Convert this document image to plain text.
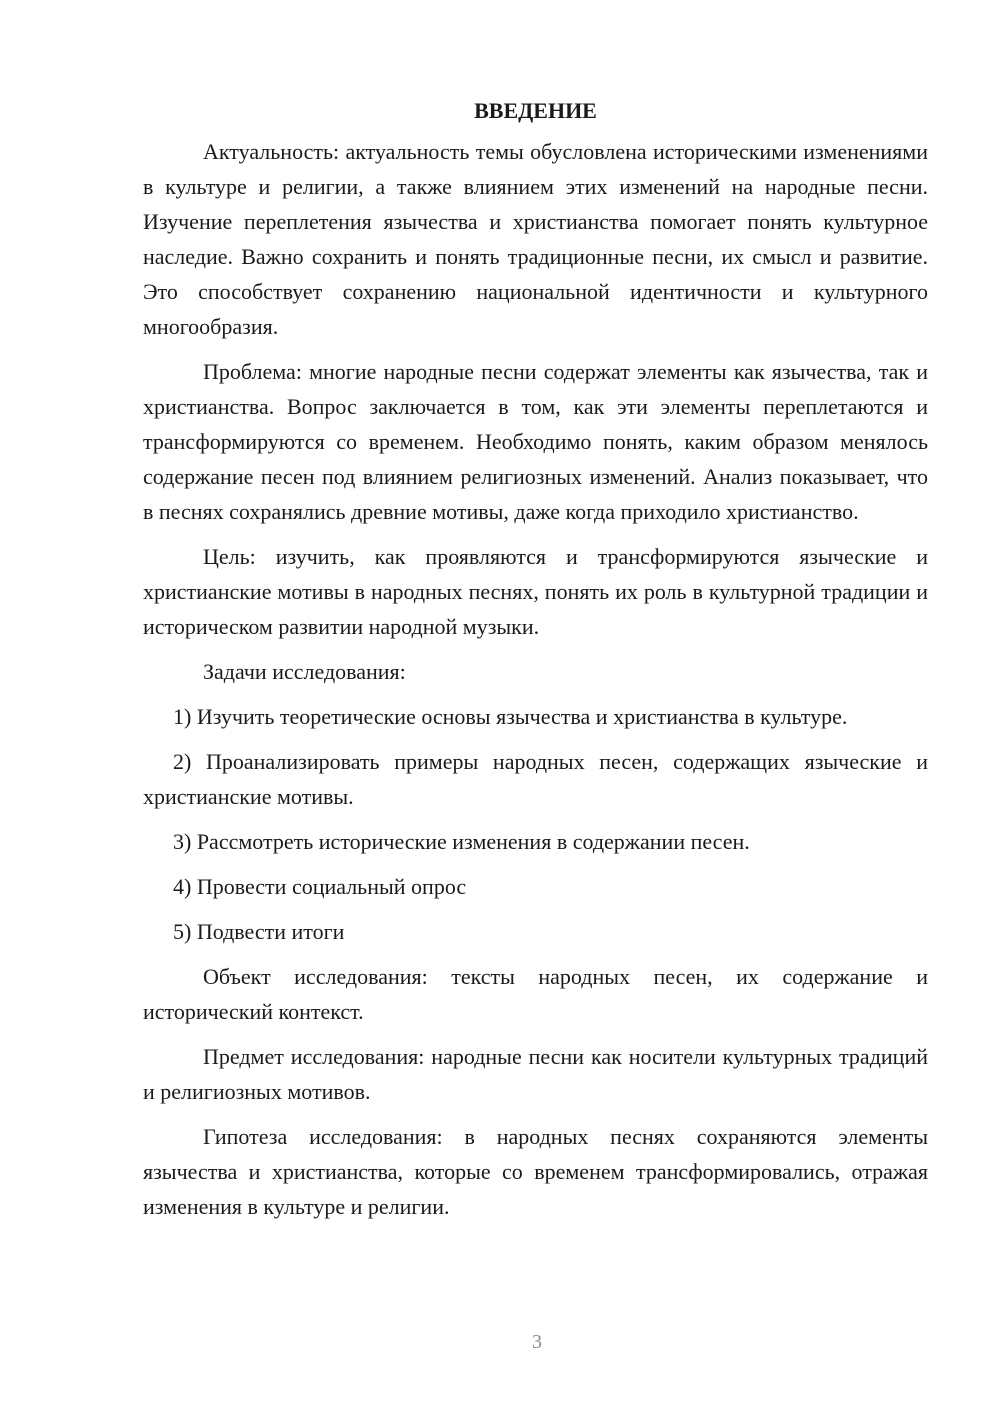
ВВЕДЕНИЕ

Актуальность: актуальность темы обусловлена историческими изменениями в культуре и религии, а также влиянием этих изменений на народные песни. Изучение переплетения язычества и христианства помогает понять культурное наследие. Важно сохранить и понять традиционные песни, их смысл и развитие. Это способствует сохранению национальной идентичности и культурного многообразия.

Проблема: многие народные песни содержат элементы как язычества, так и христианства. Вопрос заключается в том, как эти элементы переплетаются и трансформируются со временем. Необходимо понять, каким образом менялось содержание песен под влиянием религиозных изменений. Анализ показывает, что в песнях сохранялись древние мотивы, даже когда приходило христианство.

Цель: изучить, как проявляются и трансформируются языческие и христианские мотивы в народных песнях, понять их роль в культурной традиции и историческом развитии народной музыки.

Задачи исследования:

1) Изучить теоретические основы язычества и христианства в культуре.

2) Проанализировать примеры народных песен, содержащих языческие и христианские мотивы.

3) Рассмотреть исторические изменения в содержании песен.

4) Провести социальный опрос

5) Подвести итоги

Объект исследования: тексты народных песен, их содержание и исторический контекст.

Предмет исследования: народные песни как носители культурных традиций и религиозных мотивов.

Гипотеза исследования: в народных песнях сохраняются элементы язычества и христианства, которые со временем трансформировались, отражая изменения в культуре и религии.

3
